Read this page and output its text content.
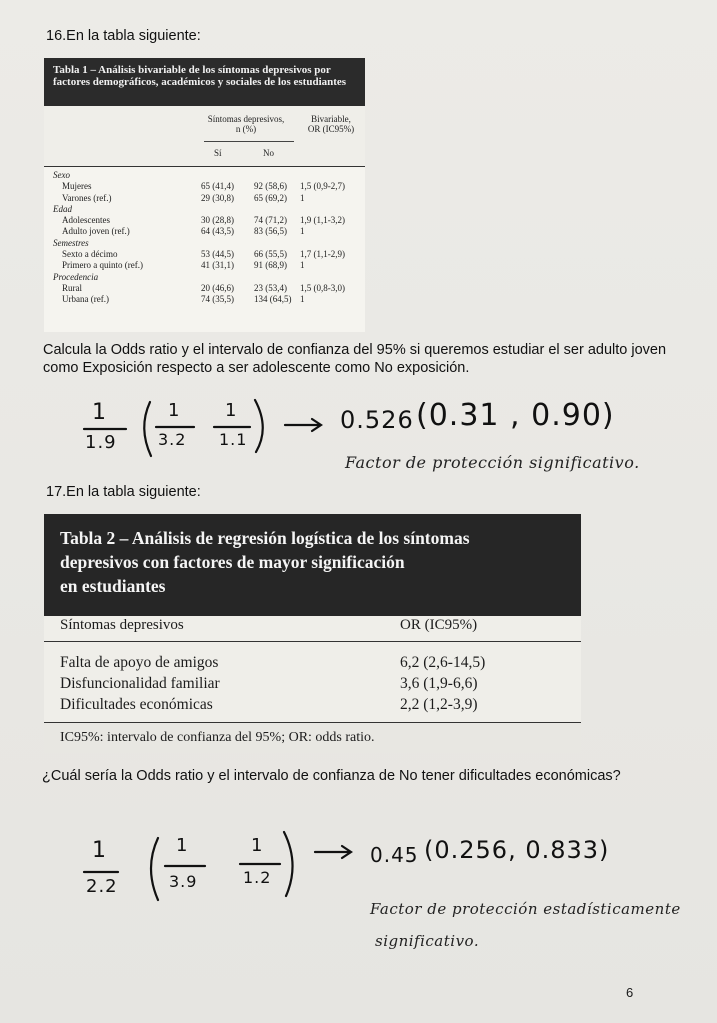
16.En la tabla siguiente:
Tabla 1 – Análisis bivariable de los síntomas depresivos por factores demográficos, académicos y sociales de los estudiantes
Síntomas depresivos,
n (%)
Bivariable,
OR (IC95%)
Sí	No
Sexo
Mujeres	65 (41,4) 92 (58,6) 1,5 (0,9-2,7)
Varones (ref.)	29 (30,8) 65 (69,2) 1
Edad
Adolescentes	30 (28,8) 74 (71,2) 1,9 (1,1-3,2)
Adulto joven (ref.)	64 (43,5) 83 (56,5) 1
Semestres
Sexto a décimo	53 (44,5) 66 (55,5) 1,7 (1,1-2,9)
Primero a quinto (ref.)	41 (31,1) 91 (68,9) 1
Procedencia
Rural	20 (46,6) 23 (53,4) 1,5 (0,8-3,0)
Urbana (ref.)	74 (35,5) 134 (64,5) 1
Calcula la Odds ratio y el intervalo de confianza del 95% si queremos estudiar el ser adulto joven como Exposición respecto a ser adolescente como No exposición.
1
1.9
1
3.2
1
1.1
0.526 (0.31 , 0.90)
Factor de protección significativo.
17.En la tabla siguiente:
Tabla 2 – Análisis de regresión logística de los síntomas
depresivos con factores de mayor significación
en estudiantes
Síntomas depresivos	OR (IC95%)
Falta de apoyo de amigos	6,2 (2,6-14,5)
Disfuncionalidad familiar	3,6 (1,9-6,6)
Dificultades económicas	2,2 (1,2-3,9)
IC95%: intervalo de confianza del 95%; OR: odds ratio.
¿Cuál sería la Odds ratio y el intervalo de confianza de No tener dificultades económicas?
1
2.2
1
3.9
1
1.2
0.45 (0.256, 0.833)
Factor de protección estadísticamente
significativo.
6
